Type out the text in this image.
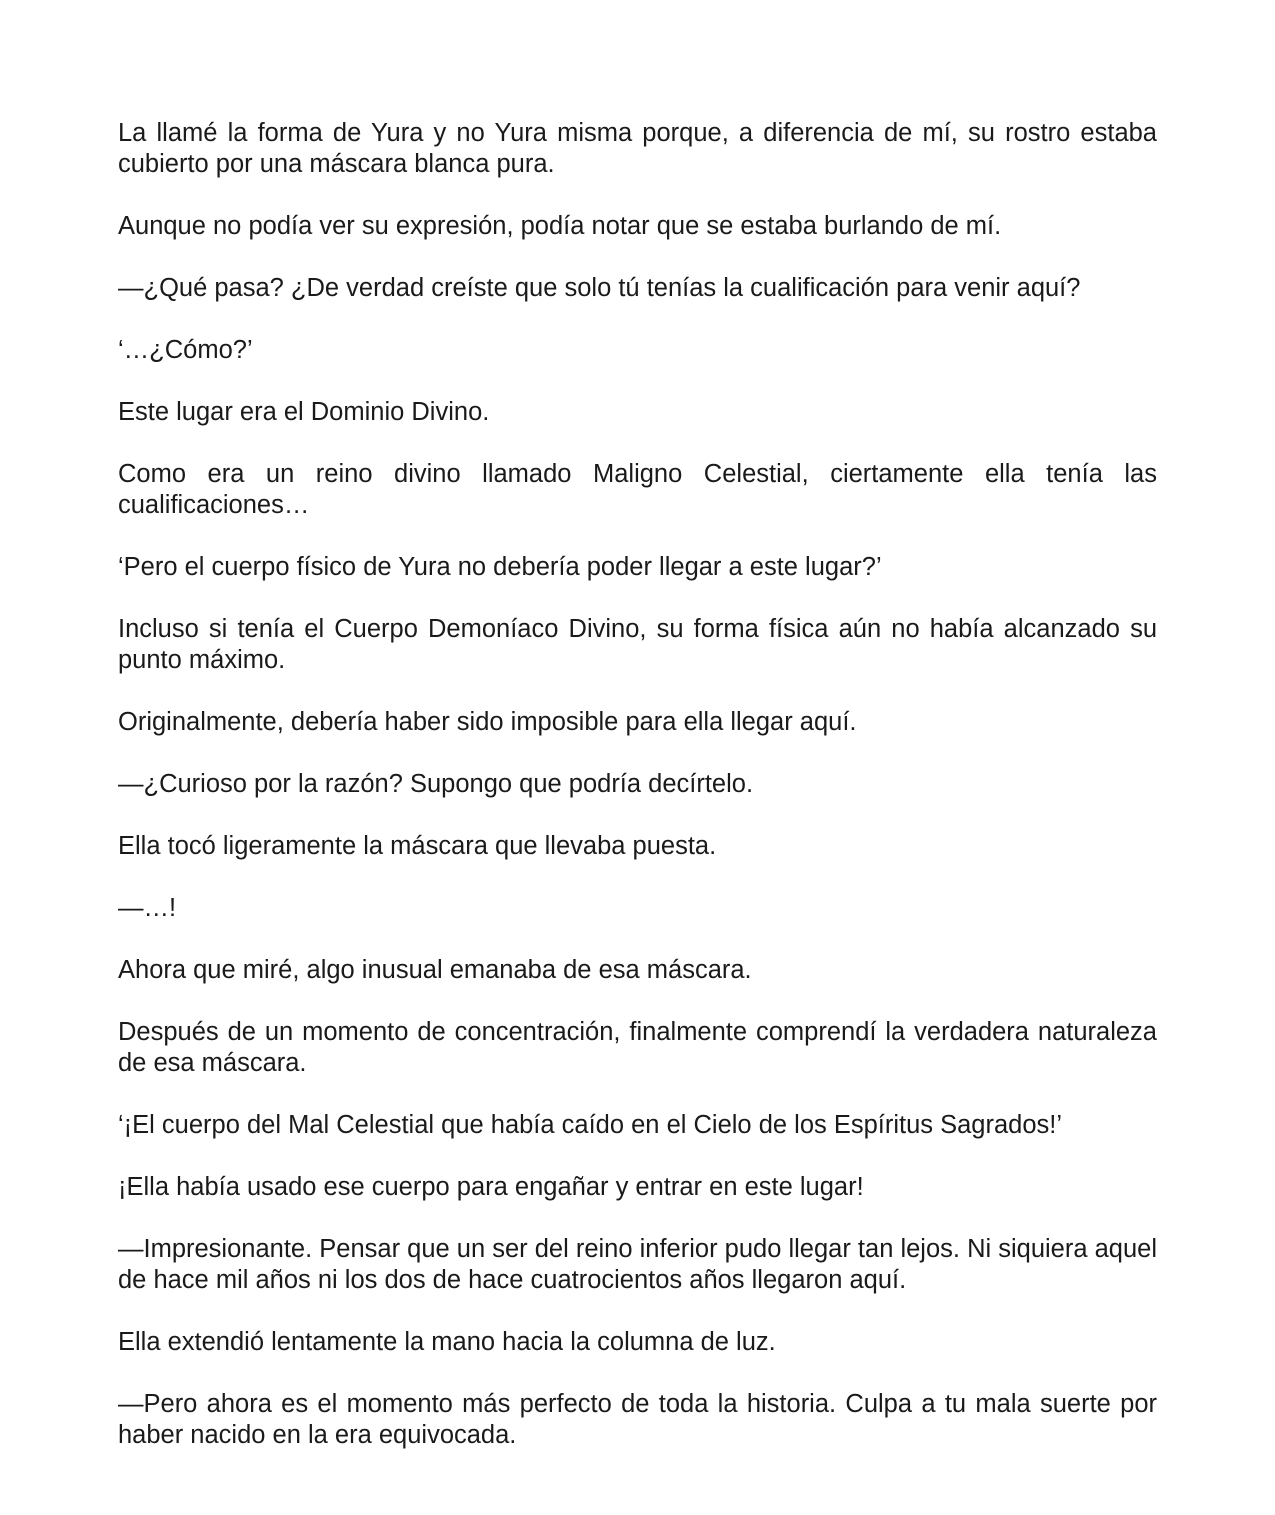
La llamé la forma de Yura y no Yura misma porque, a diferencia de mí, su rostro estaba cubierto por una máscara blanca pura.

Aunque no podía ver su expresión, podía notar que se estaba burlando de mí.

—¿Qué pasa? ¿De verdad creíste que solo tú tenías la cualificación para venir aquí?

‘…¿Cómo?’

Este lugar era el Dominio Divino.

Como era un reino divino llamado Maligno Celestial, ciertamente ella tenía las cualificaciones…

‘Pero el cuerpo físico de Yura no debería poder llegar a este lugar?’

Incluso si tenía el Cuerpo Demoníaco Divino, su forma física aún no había alcanzado su punto máximo.

Originalmente, debería haber sido imposible para ella llegar aquí.

—¿Curioso por la razón? Supongo que podría decírtelo.

Ella tocó ligeramente la máscara que llevaba puesta.

—…!

Ahora que miré, algo inusual emanaba de esa máscara.

Después de un momento de concentración, finalmente comprendí la verdadera naturaleza de esa máscara.

‘¡El cuerpo del Mal Celestial que había caído en el Cielo de los Espíritus Sagrados!’

¡Ella había usado ese cuerpo para engañar y entrar en este lugar!

—Impresionante. Pensar que un ser del reino inferior pudo llegar tan lejos. Ni siquiera aquel de hace mil años ni los dos de hace cuatrocientos años llegaron aquí.

Ella extendió lentamente la mano hacia la columna de luz.

—Pero ahora es el momento más perfecto de toda la historia. Culpa a tu mala suerte por haber nacido en la era equivocada.
